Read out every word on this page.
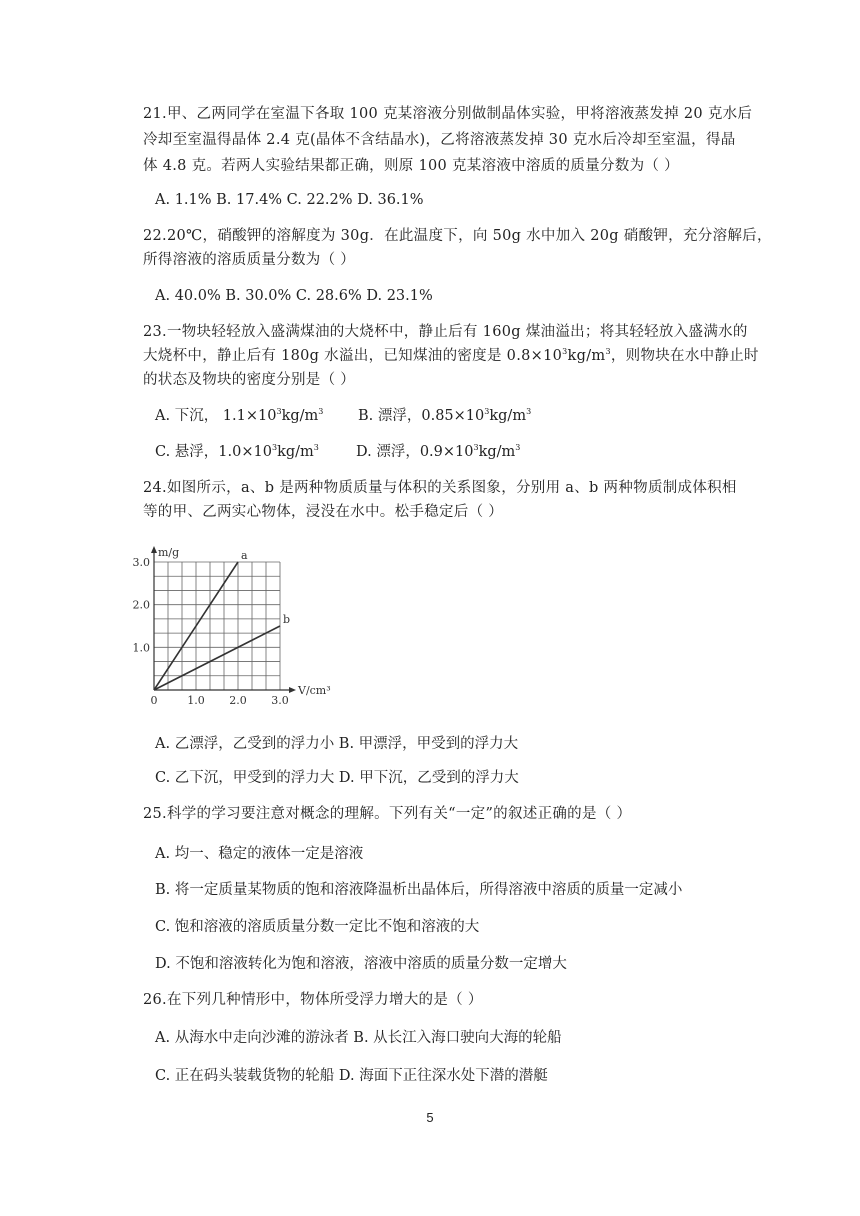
21.甲、乙两同学在室温下各取 100 克某溶液分别做制晶体实验，甲将溶液蒸发掉 20 克水后
冷却至室温得晶体 2.4 克(晶体不含结晶水)，乙将溶液蒸发掉 30 克水后冷却至室温，得晶
体 4.8 克。若两人实验结果都正确，则原 100 克某溶液中溶质的质量分数为（ ）
A. 1.1% B. 17.4% C. 22.2% D. 36.1%
22.20℃，硝酸钾的溶解度为 30g．在此温度下，向 50g 水中加入 20g 硝酸钾，充分溶解后，
所得溶液的溶质质量分数为（ ）
A. 40.0% B. 30.0% C. 28.6% D. 23.1%
23.一物块轻轻放入盛满煤油的大烧杯中，静止后有 160g 煤油溢出；将其轻轻放入盛满水的
大烧杯中，静止后有 180g 水溢出，已知煤油的密度是 $0.8\times 10^3kg/m^3$，则物块在水中静止时
的状态及物块的密度分别是（ ）
A. 下沉， $1.1\times 10^3kg/m^3$ B. 漂浮，$0.85\times 10^3kg/m^3$
C. 悬浮，$1.0\times 10^3kg/m^3$	D. 漂浮，$0.9\times 10^3kg/m^3$
24.如图所示，a、b 是两种物质质量与体积的关系图象，分别用 a、b 两种物质制成体积相
等的甲、乙两实心物体，浸没在水中。松手稳定后（ ）
V/cm³
m/g
0	1.0 2.0 3.0
1.0
2.0
3.0
a
b
A. 乙漂浮，乙受到的浮力小 B. 甲漂浮，甲受到的浮力大
C. 乙下沉，甲受到的浮力大 D. 甲下沉，乙受到的浮力大
25.科学的学习要注意对概念的理解。下列有关“一定”的叙述正确的是（ ）
A. 均一、稳定的液体一定是溶液
B. 将一定质量某物质的饱和溶液降温析出晶体后，所得溶液中溶质的质量一定减小
C. 饱和溶液的溶质质量分数一定比不饱和溶液的大
D. 不饱和溶液转化为饱和溶液，溶液中溶质的质量分数一定增大
26.在下列几种情形中，物体所受浮力增大的是（ ）
A. 从海水中走向沙滩的游泳者 B. 从长江入海口驶向大海的轮船
C. 正在码头装载货物的轮船 D. 海面下正往深水处下潜的潜艇
5
